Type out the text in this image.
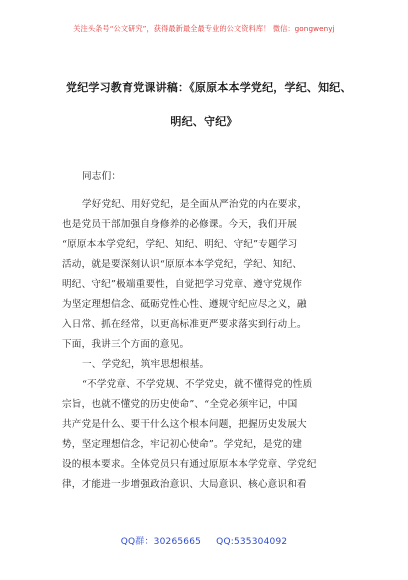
关注头条号“公文研究”，获得最新最全最专业的公文资料库！ 微信：gongwenyj
党纪学习教育党课讲稿：《原原本本学党纪，学纪、知纪、
明纪、守纪》
同志们：
学好党纪、用好党纪，是全面从严治党的内在要求，
也是党员干部加强自身修养的必修课。今天，我们开展
“原原本本学党纪，学纪、知纪、明纪、守纪”专题学习
活动，就是要深刻认识“原原本本学党纪，学纪、知纪、
明纪、守纪”极端重要性，自觉把学习党章、遵守党规作
为坚定理想信念、砥砺党性心性、遵规守纪应尽之义，融
入日常、抓在经常，以更高标准更严要求落实到行动上。
下面，我讲三个方面的意见。
一、学党纪，筑牢思想根基。
“不学党章、不学党规、不学党史，就不懂得党的性质
宗旨，也就不懂党的历史使命”、“全党必须牢记，中国
共产党是什么、要干什么这个根本问题，把握历史发展大
势，坚定理想信念，牢记初心使命”。学党纪，是党的建
设的根本要求。全体党员只有通过原原本本学党章、学党纪
律，才能进一步增强政治意识、大局意识、核心意识和看
QQ群：30265665 QQ:535304092
